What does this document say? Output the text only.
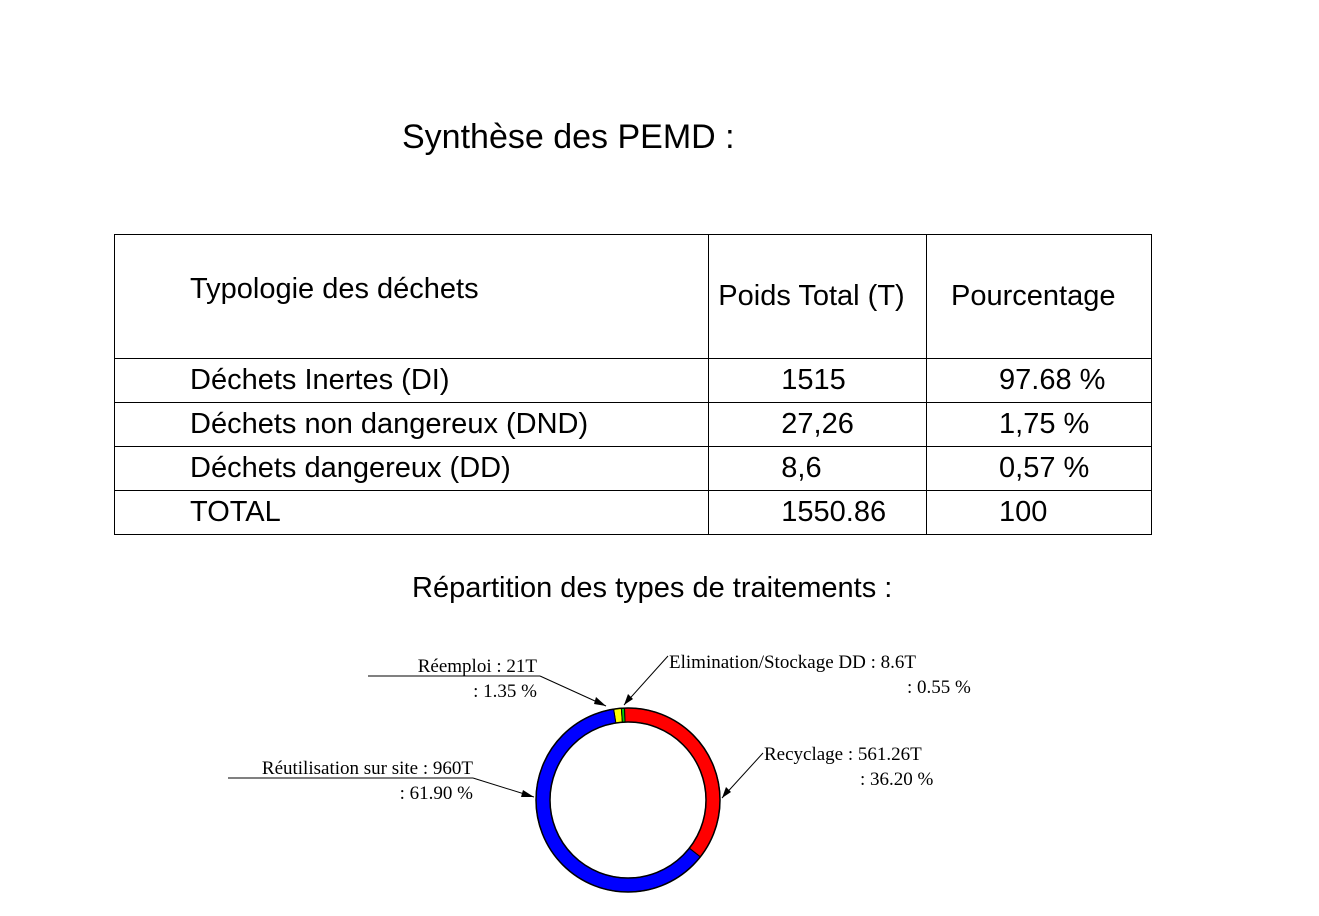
Synthèse des PEMD :
Typologie des déchets	Poids Total (T)	Pourcentage
Déchets Inertes (DI)	1515	97.68 %
Déchets non dangereux (DND)	27,26	1,75 %
Déchets dangereux (DD)	8,6	0,57 %
TOTAL	1550.86	100
Répartition des types de traitements :
Réemploi : 21T
: 1.35 %
Elimination/Stockage DD : 8.6T
: 0.55 %
Recyclage : 561.26T
: 36.20 %
Réutilisation sur site : 960T
: 61.90 %
